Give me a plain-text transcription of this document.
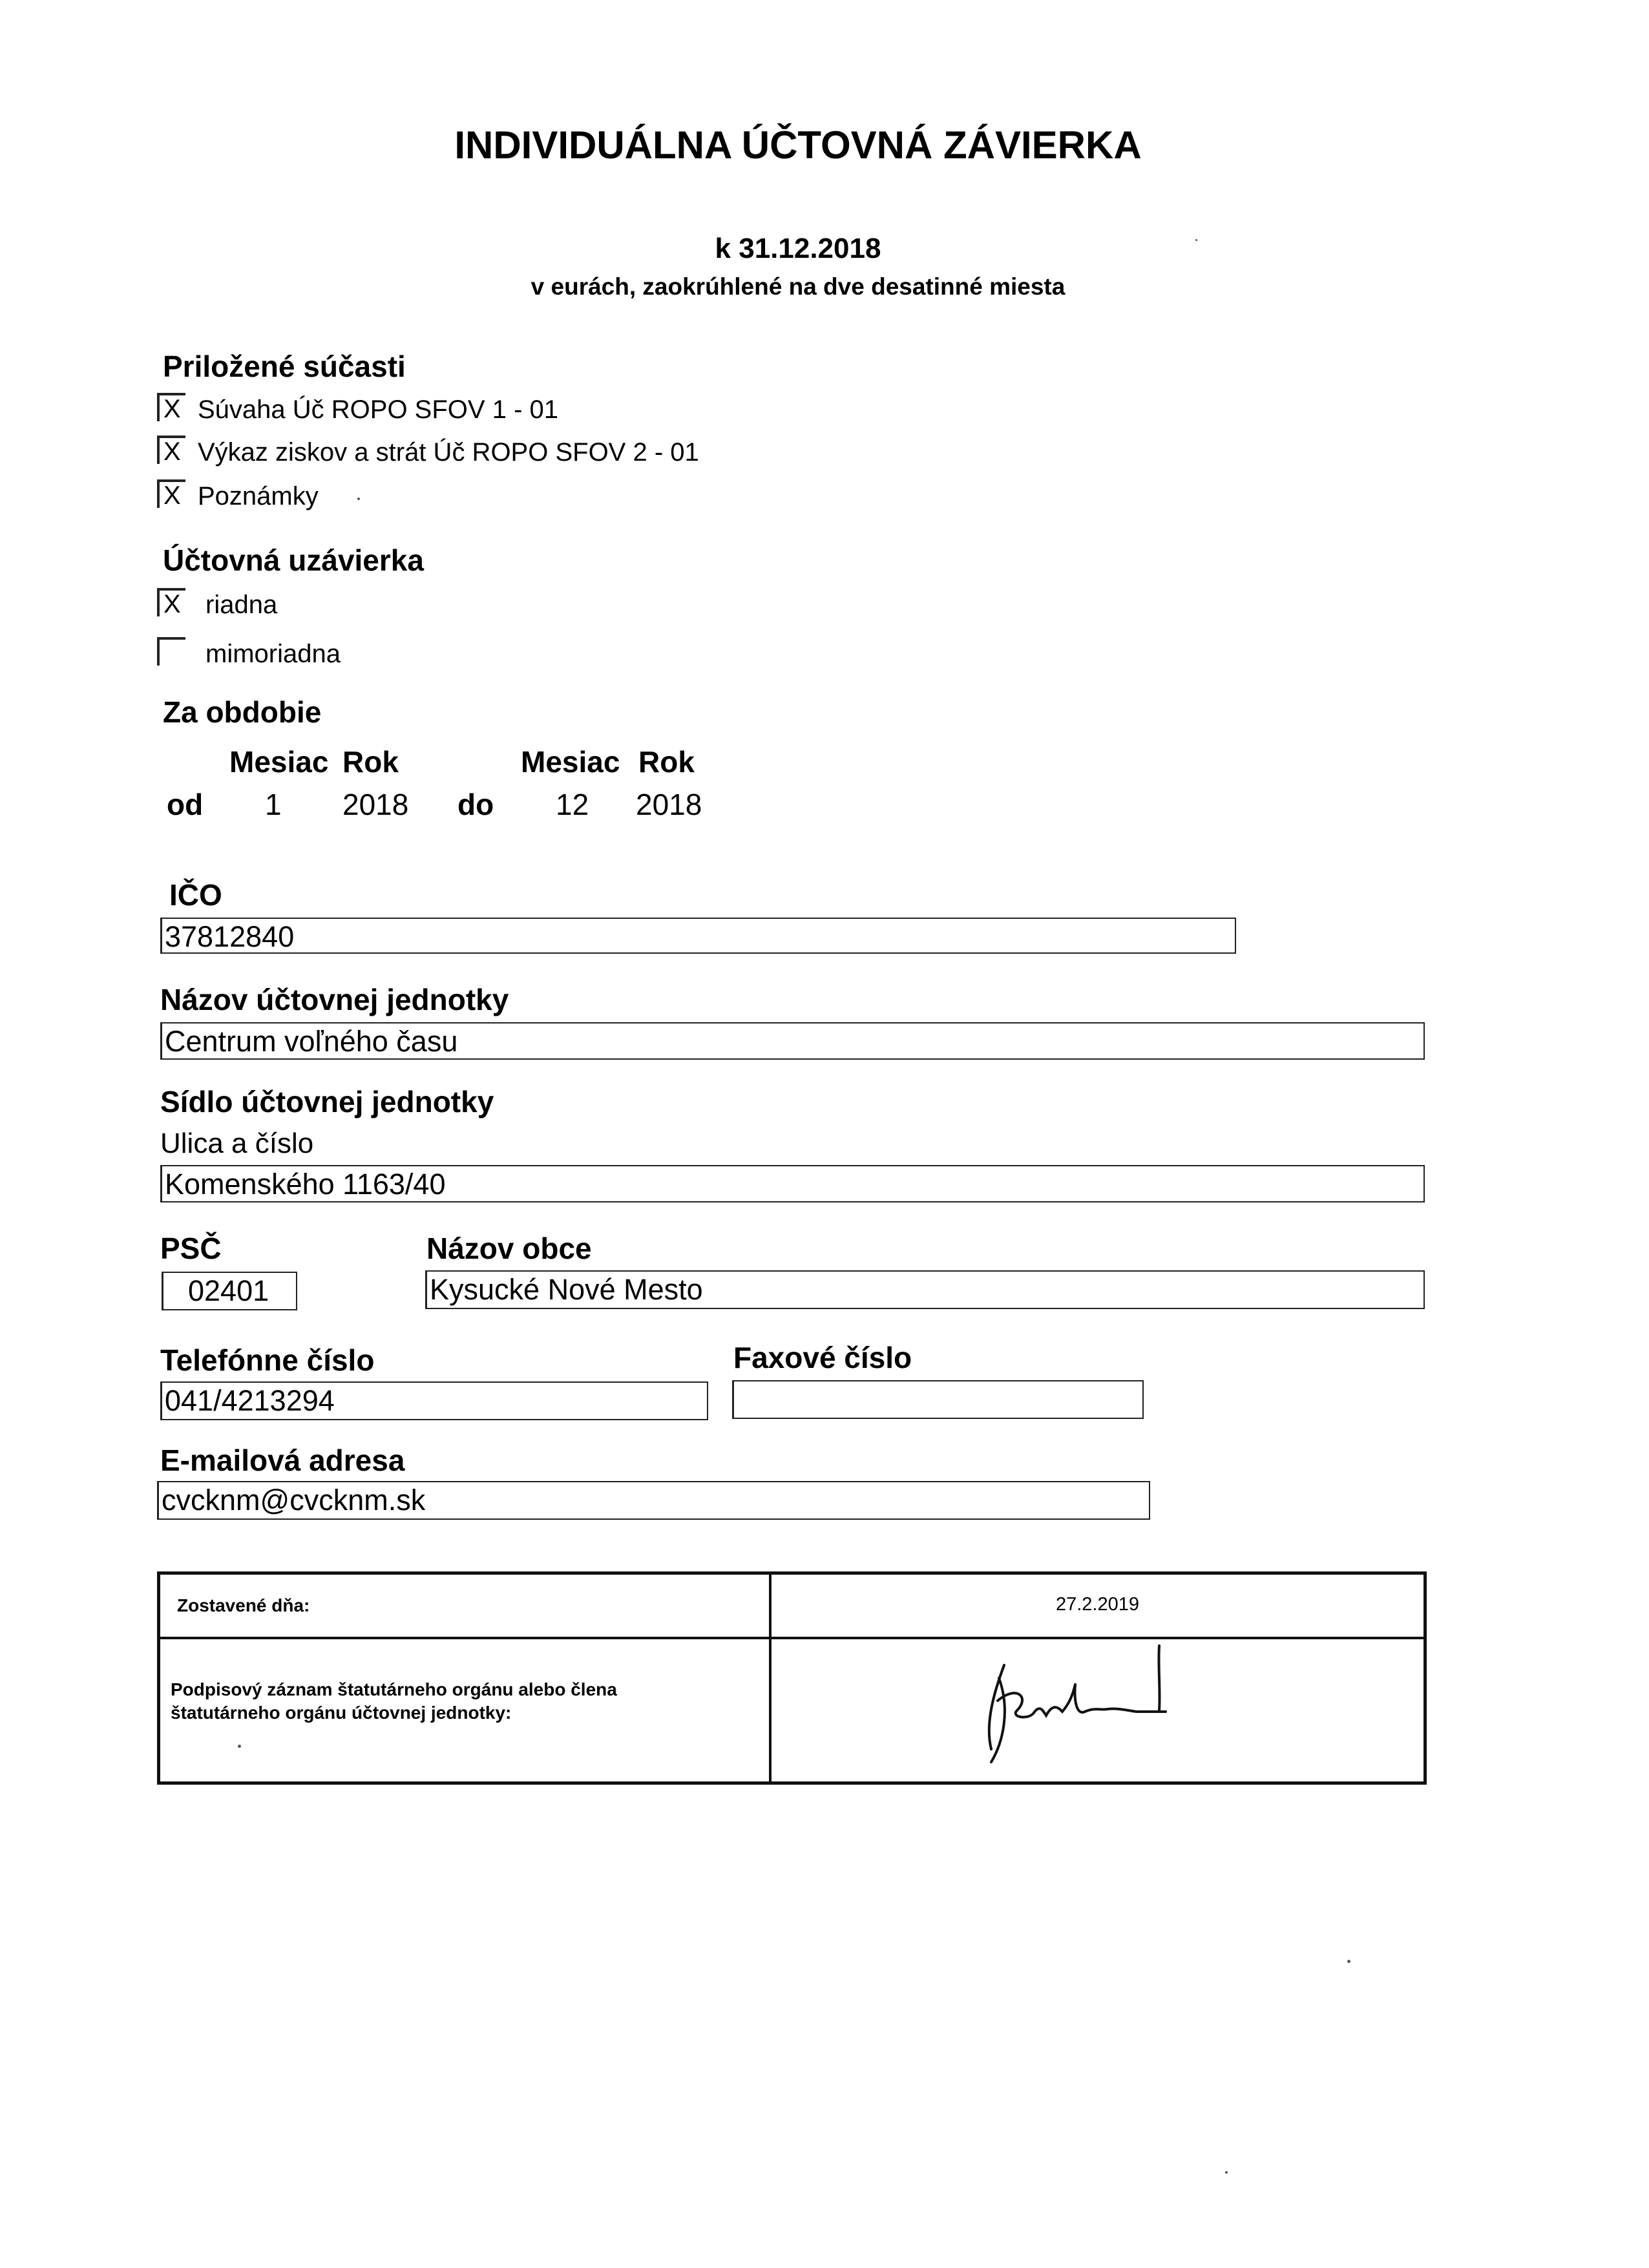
INDIVIDUÁLNA ÚČTOVNÁ ZÁVIERKA
k 31.12.2018
v eurách, zaokrúhlené na dve desatinné miesta
Priložené súčasti
X Súvaha Úč ROPO SFOV 1 - 01
X Výkaz ziskov a strát Úč ROPO SFOV 2 - 01
X Poznámky
Účtovná uzávierka
X riadna
mimoriadna
Za obdobie
Mesiac Rok	Mesiac Rok
od 1 2018 do 12 2018
IČO
37812840
Názov účtovnej jednotky
Centrum voľného času
Sídlo účtovnej jednotky
Ulica a číslo
Komenského 1163/40
PSČ
02401
Názov obce
Kysucké Nové Mesto
Telefónne číslo
041/4213294
Faxové číslo
E-mailová adresa
cvcknm@cvcknm.sk
Zostavené dňa:	27.2.2019

Podpisový záznam štatutárneho orgánu alebo člena štatutárneho orgánu účtovnej jednotky:
